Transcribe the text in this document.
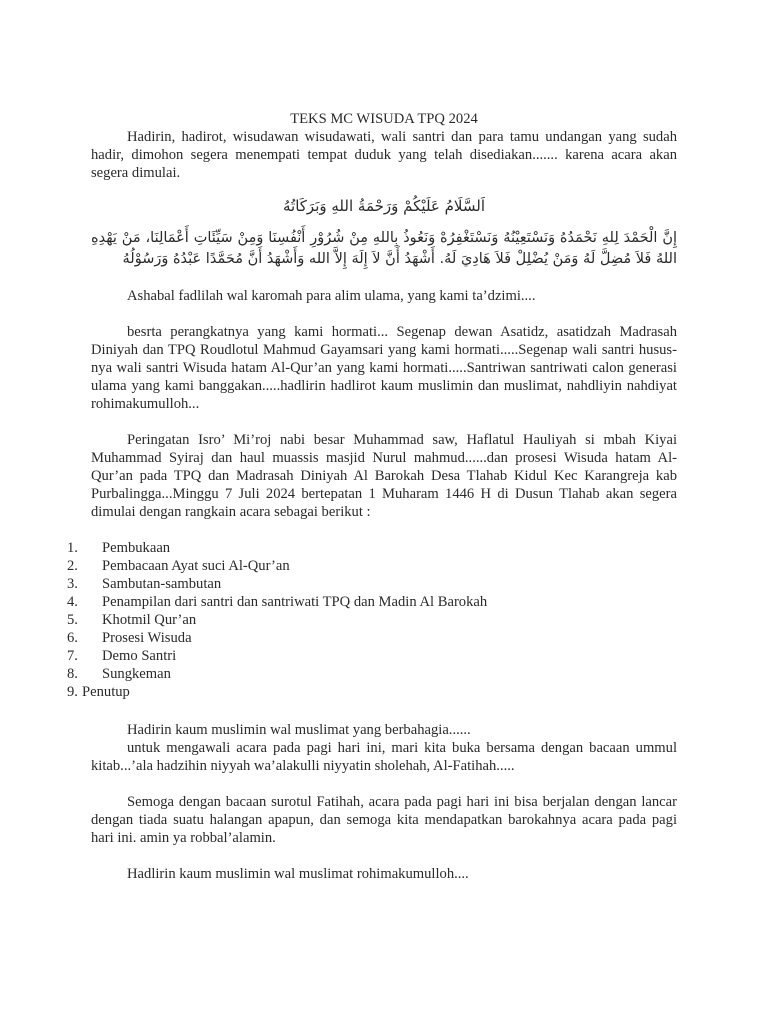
TEKS MC WISUDA TPQ 2024

Hadirin, hadirot, wisudawan wisudawati, wali santri dan para tamu undangan yang sudah hadir, dimohon segera menempati tempat duduk yang telah disediakan....... karena acara akan segera dimulai.

اَلسَّلَامُ عَلَيْكُمْ وَرَحْمَةُ اللهِ وَبَرَكَاتُهُ

إِنَّ الْحَمْدَ لِلهِ نَحْمَدُهُ وَنَسْتَعِيْنُهُ وَنَسْتَغْفِرُهْ وَنَعُوذُ بِاللهِ مِنْ شُرُوْرِ أَنْفُسِنَا وَمِنْ سَيِّئَاتِ أَعْمَالِنَا، مَنْ يَهْدِهِ اللهُ فَلاَ مُضِلَّ لَهُ وَمَنْ يُضْلِلْ فَلاَ هَادِيَ لَهُ. أَشْهَدُ أَنَّ لاَ إِلَهَ إِلاَّ الله وَأَشْهَدُ أَنَّ مُحَمَّدًا عَبْدُهُ وَرَسُوْلُهُ

Ashabal fadlilah wal karomah para alim ulama, yang kami ta’dzimi....

besrta perangkatnya yang kami hormati... Segenap dewan Asatidz, asatidzah Madrasah Diniyah dan TPQ Roudlotul Mahmud Gayamsari yang kami hormati.....Segenap wali santri hususnya wali santri Wisuda hatam Al-Qur’an yang kami hormati.....Santriwan santriwati calon generasi ulama yang kami banggakan.....hadlirin hadlirot kaum muslimin dan muslimat, nahdliyin nahdiyat rohimakumulloh...

Peringatan Isro’ Mi’roj nabi besar Muhammad saw, Haflatul Hauliyah si mbah Kiyai Muhammad Syiraj dan haul muassis masjid Nurul mahmud......dan prosesi Wisuda hatam Al-Qur’an pada TPQ dan Madrasah Diniyah Al Barokah Desa Tlahab Kidul Kec Karangreja kab Purbalingga...Minggu 7 Juli 2024 bertepatan 1 Muharam 1446 H di Dusun Tlahab akan segera dimulai dengan rangkain acara sebagai berikut :

1.	Pembukaan
2.	Pembacaan Ayat suci Al-Qur’an
3.	Sambutan-sambutan
4.	Penampilan dari santri dan santriwati TPQ dan Madin Al Barokah
5.	Khotmil Qur’an
6.	Prosesi Wisuda
7.	Demo Santri
8.	Sungkeman
9. Penutup

Hadirin kaum muslimin wal muslimat yang berbahagia......

untuk mengawali acara pada pagi hari ini, mari kita buka bersama dengan bacaan ummul kitab...’ala hadzihin niyyah wa’alakulli niyyatin sholehah, Al-Fatihah.....

Semoga dengan bacaan surotul Fatihah, acara pada pagi hari ini bisa berjalan dengan lancar dengan tiada suatu halangan apapun, dan semoga kita mendapatkan barokahnya acara pada pagi hari ini. amin ya robbal’alamin.

Hadlirin kaum muslimin wal muslimat rohimakumulloh....
